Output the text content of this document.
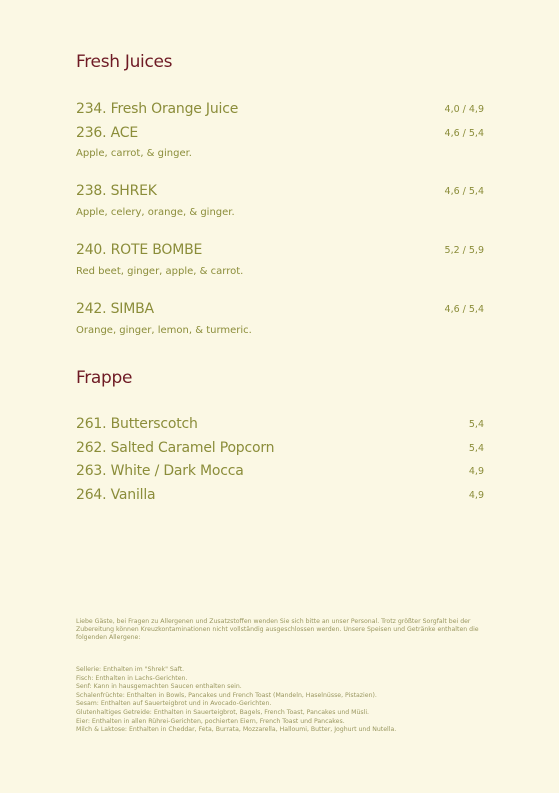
Fresh Juices
234. Fresh Orange Juice	4,0 / 4,9
236. ACE	4,6 / 5,4
Apple, carrot, & ginger.
238. SHREK	4,6 / 5,4
Apple, celery, orange, & ginger.
240. ROTE BOMBE	5,2 / 5,9
Red beet, ginger, apple, & carrot.
242. SIMBA	4,6 / 5,4
Orange, ginger, lemon, & turmeric.
Frappe
261. Butterscotch	5,4
262. Salted Caramel Popcorn	5,4
263. White / Dark Mocca	4,9
264. Vanilla	4,9
Liebe Gäste, bei Fragen zu Allergenen und Zusatzstoffen wenden Sie sich bitte an unser Personal. Trotz größter Sorgfalt bei der Zubereitung können Kreuzkontaminationen nicht vollständig ausgeschlossen werden. Unsere Speisen und Getränke enthalten die folgenden Allergene:
Sellerie: Enthalten im "Shrek" Saft.
Fisch: Enthalten in Lachs-Gerichten.
Senf: Kann in hausgemachten Saucen enthalten sein.
Schalenfrüchte: Enthalten in Bowls, Pancakes und French Toast (Mandeln, Haselnüsse, Pistazien).
Sesam: Enthalten auf Sauerteigbrot und in Avocado-Gerichten.
Glutenhaltiges Getreide: Enthalten in Sauerteigbrot, Bagels, French Toast, Pancakes und Müsli.
Eier: Enthalten in allen Rührei-Gerichten, pochierten Eiern, French Toast und Pancakes.
Milch & Laktose: Enthalten in Cheddar, Feta, Burrata, Mozzarella, Halloumi, Butter, Joghurt und Nutella.
